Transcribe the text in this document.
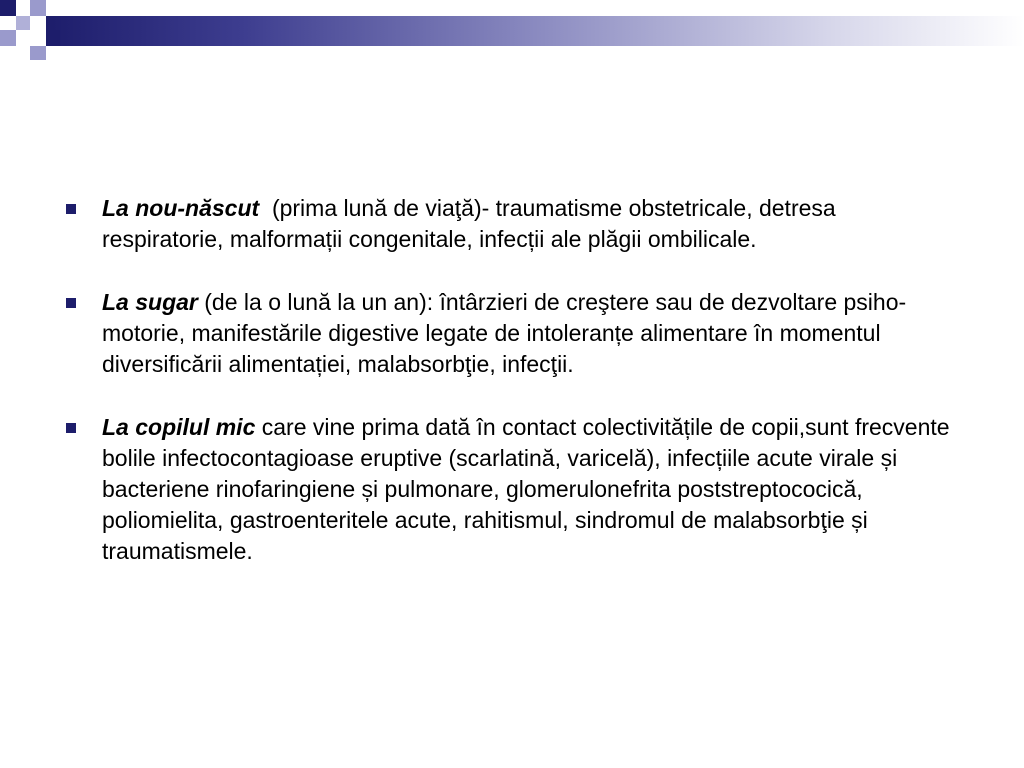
La nou-născut  (prima lună de viaţă)- traumatisme obstetricale, detresa respiratorie, malformații congenitale, infecții ale plăgii ombilicale.

La sugar (de la o lună la un an): întârzieri de creştere sau de dezvoltare psiho-motorie, manifestările digestive legate de intoleranțe alimentare în momentul diversificării alimentației, malabsorbţie, infecţii.

La copilul mic care vine prima dată în contact colectivitățile de copii,sunt frecvente bolile infectocontagioase eruptive (scarlatină, varicelă), infecțiile acute virale și bacteriene rinofaringiene și pulmonare, glomerulonefrita poststreptococică, poliomielita, gastroenteritele acute, rahitismul, sindromul de malabsorbţie și traumatismele.
